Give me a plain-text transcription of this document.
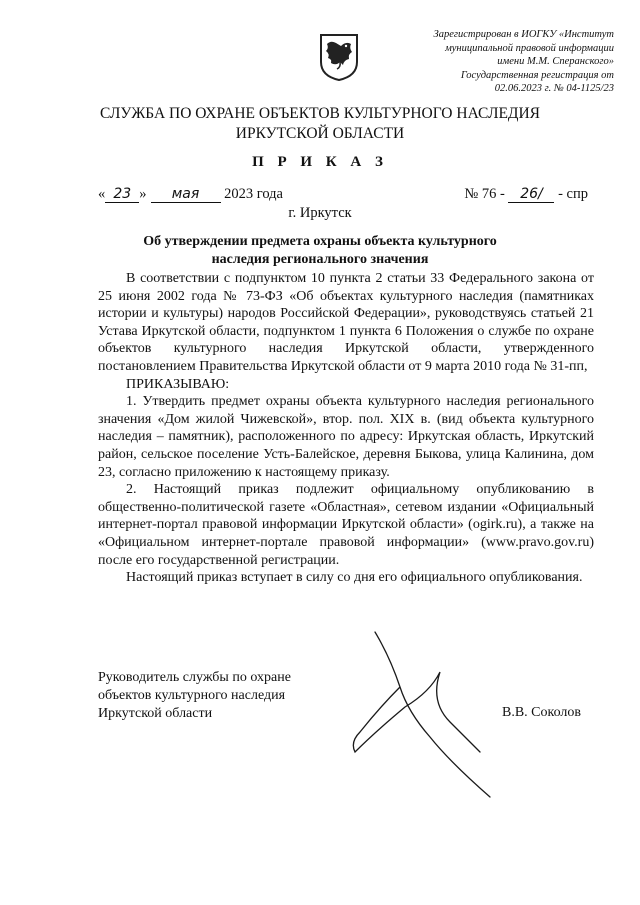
Зарегистрирован в ИОГКУ «Институт
муниципальной правовой информации
имени М.М. Сперанского»
Государственная регистрация от
02.06.2023 г. № 04-1125/23
СЛУЖБА ПО ОХРАНЕ ОБЪЕКТОВ КУЛЬТУРНОГО НАСЛЕДИЯ
ИРКУТСКОЙ ОБЛАСТИ
П Р И К А З
« 23 » мая 2023 года	№ 76 - 26/ - спр
г. Иркутск
Об утверждении предмета охраны объекта культурного наследия регионального значения

В соответствии с подпунктом 10 пункта 2 статьи 33 Федерального закона от 25 июня 2002 года № 73-ФЗ «Об объектах культурного наследия (памятниках истории и культуры) народов Российской Федерации», руководствуясь статьей 21 Устава Иркутской области, подпунктом 1 пункта 6 Положения о службе по охране объектов культурного наследия Иркутской области, утвержденного постановлением Правительства Иркутской области от 9 марта 2010 года № 31-пп,

ПРИКАЗЫВАЮ:

1. Утвердить предмет охраны объекта культурного наследия регионального значения «Дом жилой Чижевской», втор. пол. XIX в. (вид объекта культурного наследия – памятник), расположенного по адресу: Иркутская область, Иркутский район, сельское поселение Усть-Балейское, деревня Быкова, улица Калинина, дом 23, согласно приложению к настоящему приказу.

2. Настоящий приказ подлежит официальному опубликованию в общественно-политической газете «Областная», сетевом издании «Официальный интернет-портал правовой информации Иркутской области» (ogirk.ru), а также на «Официальном интернет-портале правовой информации» (www.pravo.gov.ru) после его государственной регистрации.

Настоящий приказ вступает в силу со дня его официального опубликования.

Руководитель службы по охране
объектов культурного наследия
Иркутской области	В.В. Соколов
